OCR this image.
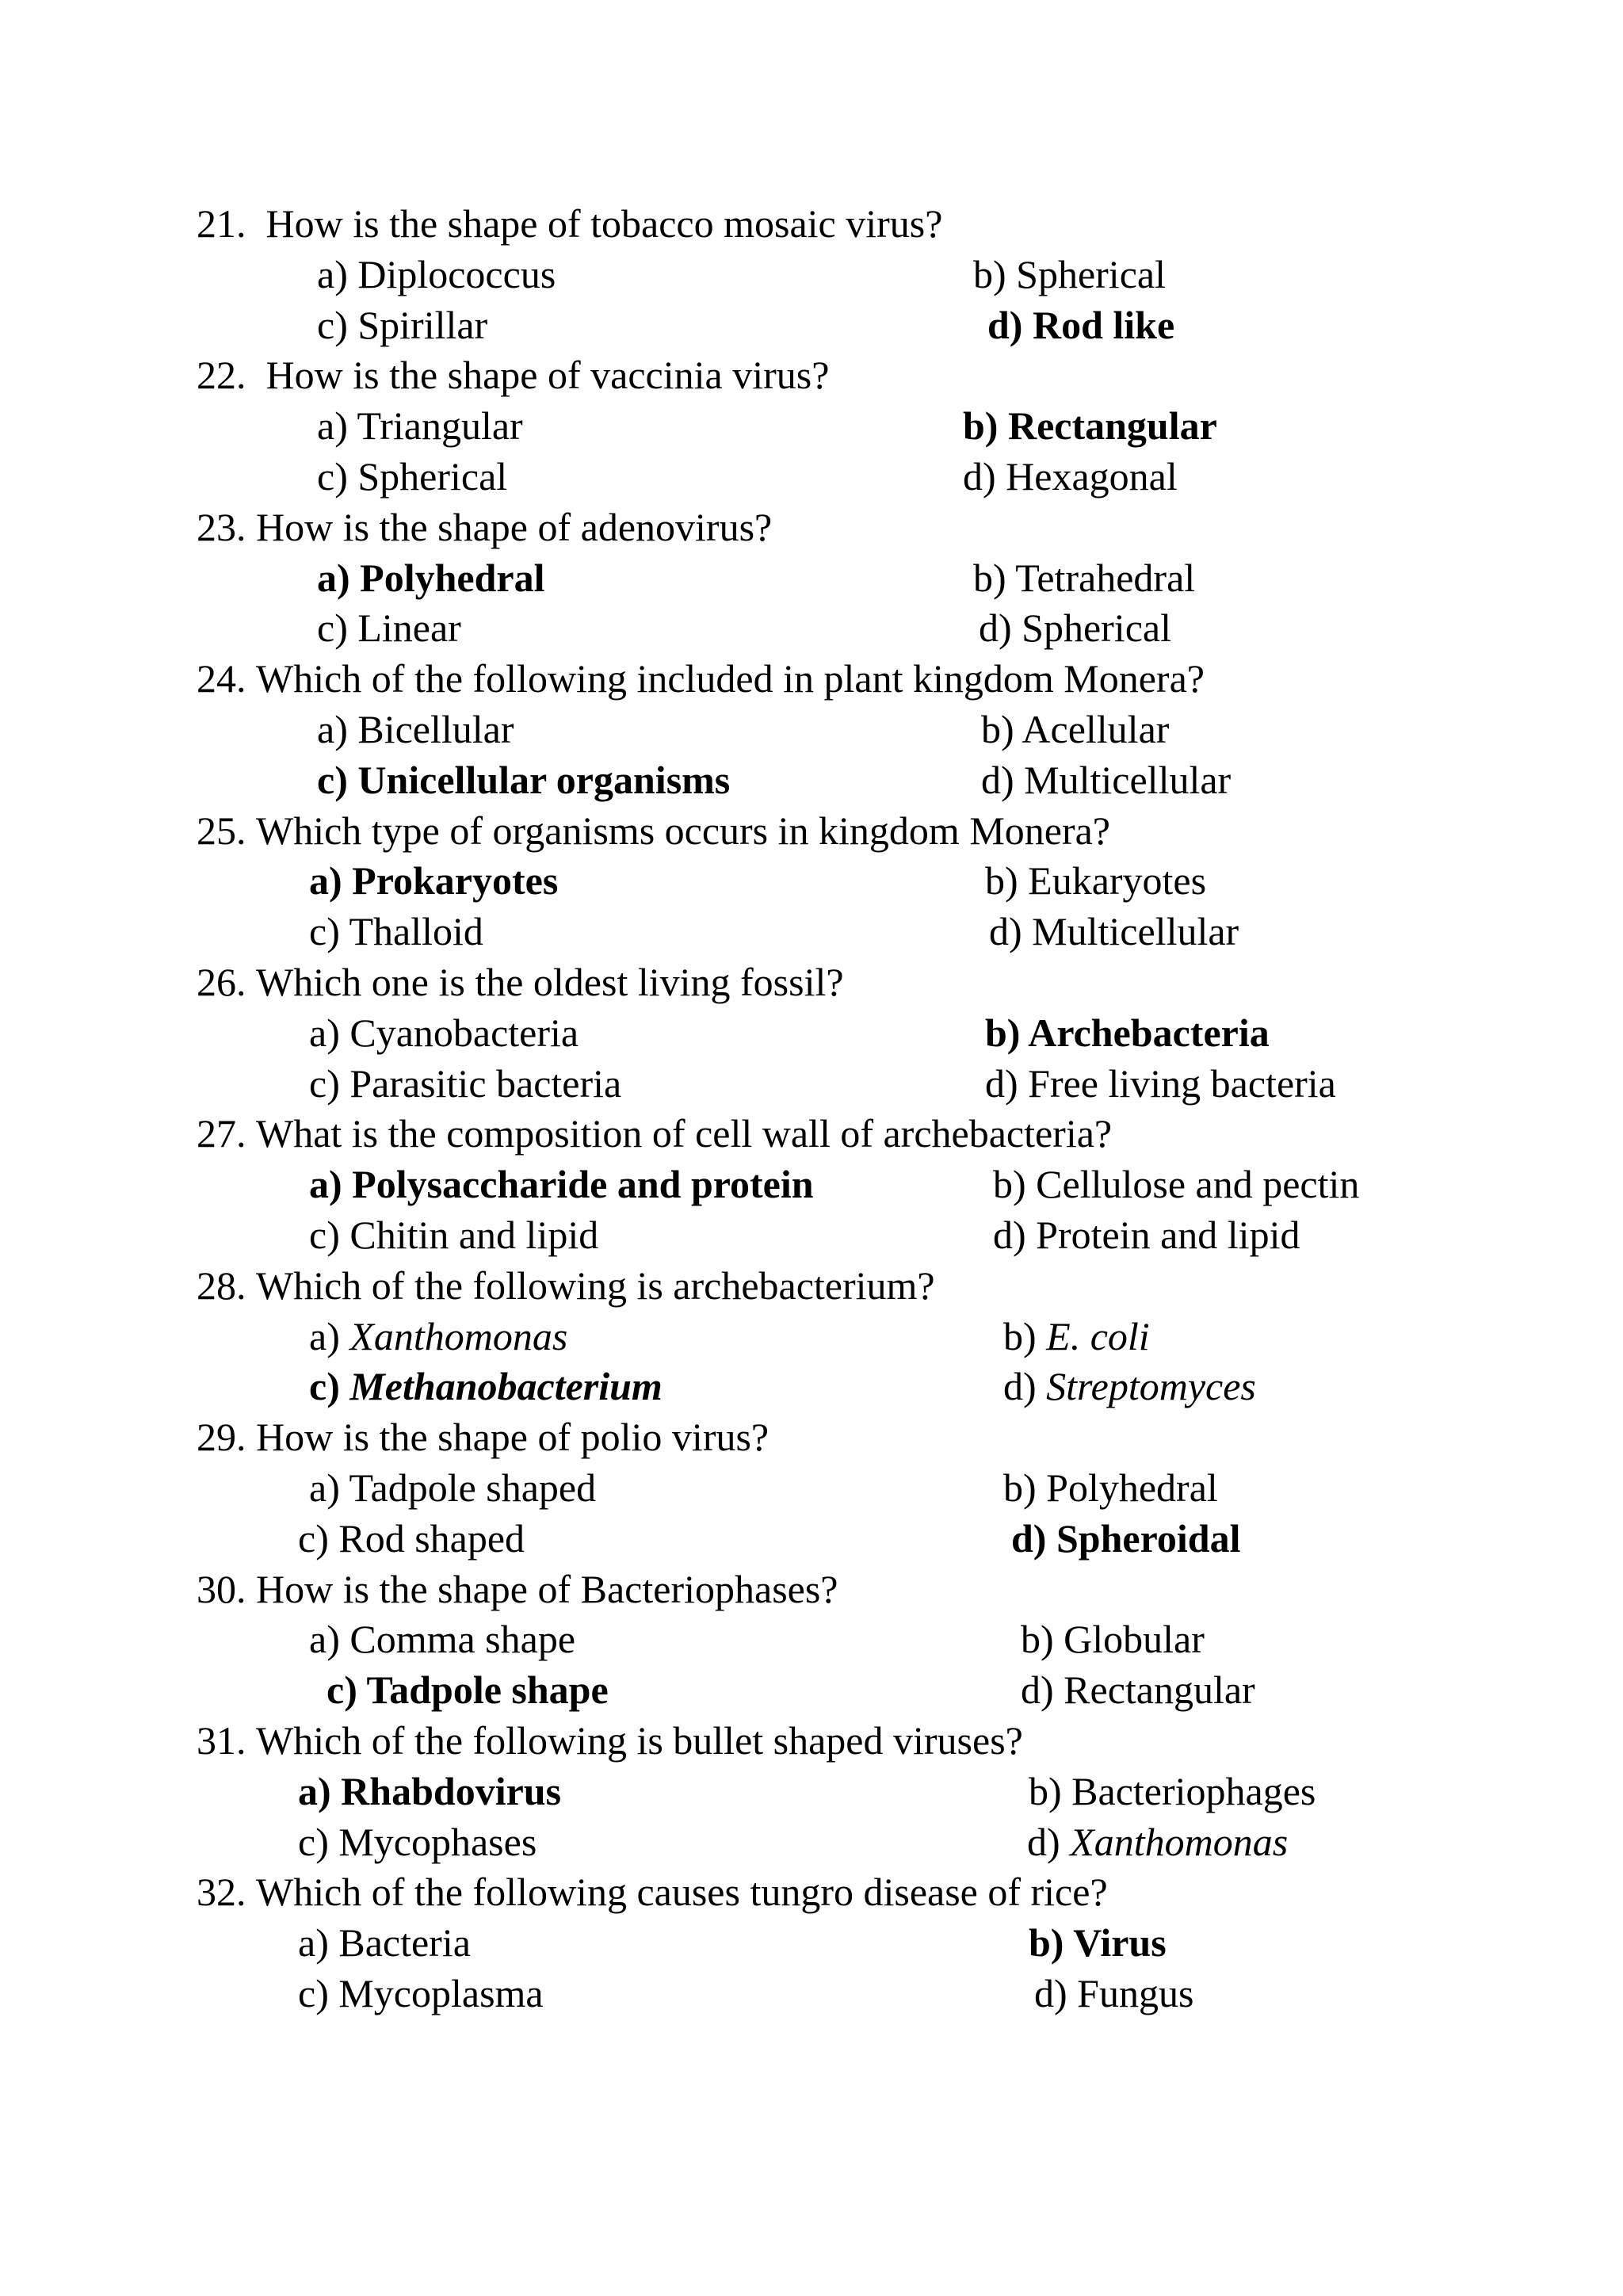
21. How is the shape of tobacco mosaic virus?
a) Diplococcus	b) Spherical
c) Spirillar	d) Rod like
22. How is the shape of vaccinia virus?
a) Triangular	b) Rectangular
c) Spherical	d) Hexagonal
23. How is the shape of adenovirus?
a) Polyhedral	b) Tetrahedral
c) Linear	d) Spherical
24. Which of the following included in plant kingdom Monera?
a) Bicellular	b) Acellular
c) Unicellular organisms	d) Multicellular
25. Which type of organisms occurs in kingdom Monera?
a) Prokaryotes	b) Eukaryotes
c) Thalloid	d) Multicellular
26. Which one is the oldest living fossil?
a) Cyanobacteria	b) Archebacteria
c) Parasitic bacteria	d) Free living bacteria
27. What is the composition of cell wall of archebacteria?
a) Polysaccharide and protein	b) Cellulose and pectin
c) Chitin and lipid	d) Protein and lipid
28. Which of the following is archebacterium?
a) Xanthomonas	b) E. coli
c) Methanobacterium	d) Streptomyces
29. How is the shape of polio virus?
a) Tadpole shaped	b) Polyhedral
c) Rod shaped	d) Spheroidal
30. How is the shape of Bacteriophases?
a) Comma shape	b) Globular
c) Tadpole shape	d) Rectangular
31. Which of the following is bullet shaped viruses?
a) Rhabdovirus	b) Bacteriophages
c) Mycophases	d) Xanthomonas
32. Which of the following causes tungro disease of rice?
a) Bacteria	b) Virus
c) Mycoplasma	d) Fungus
